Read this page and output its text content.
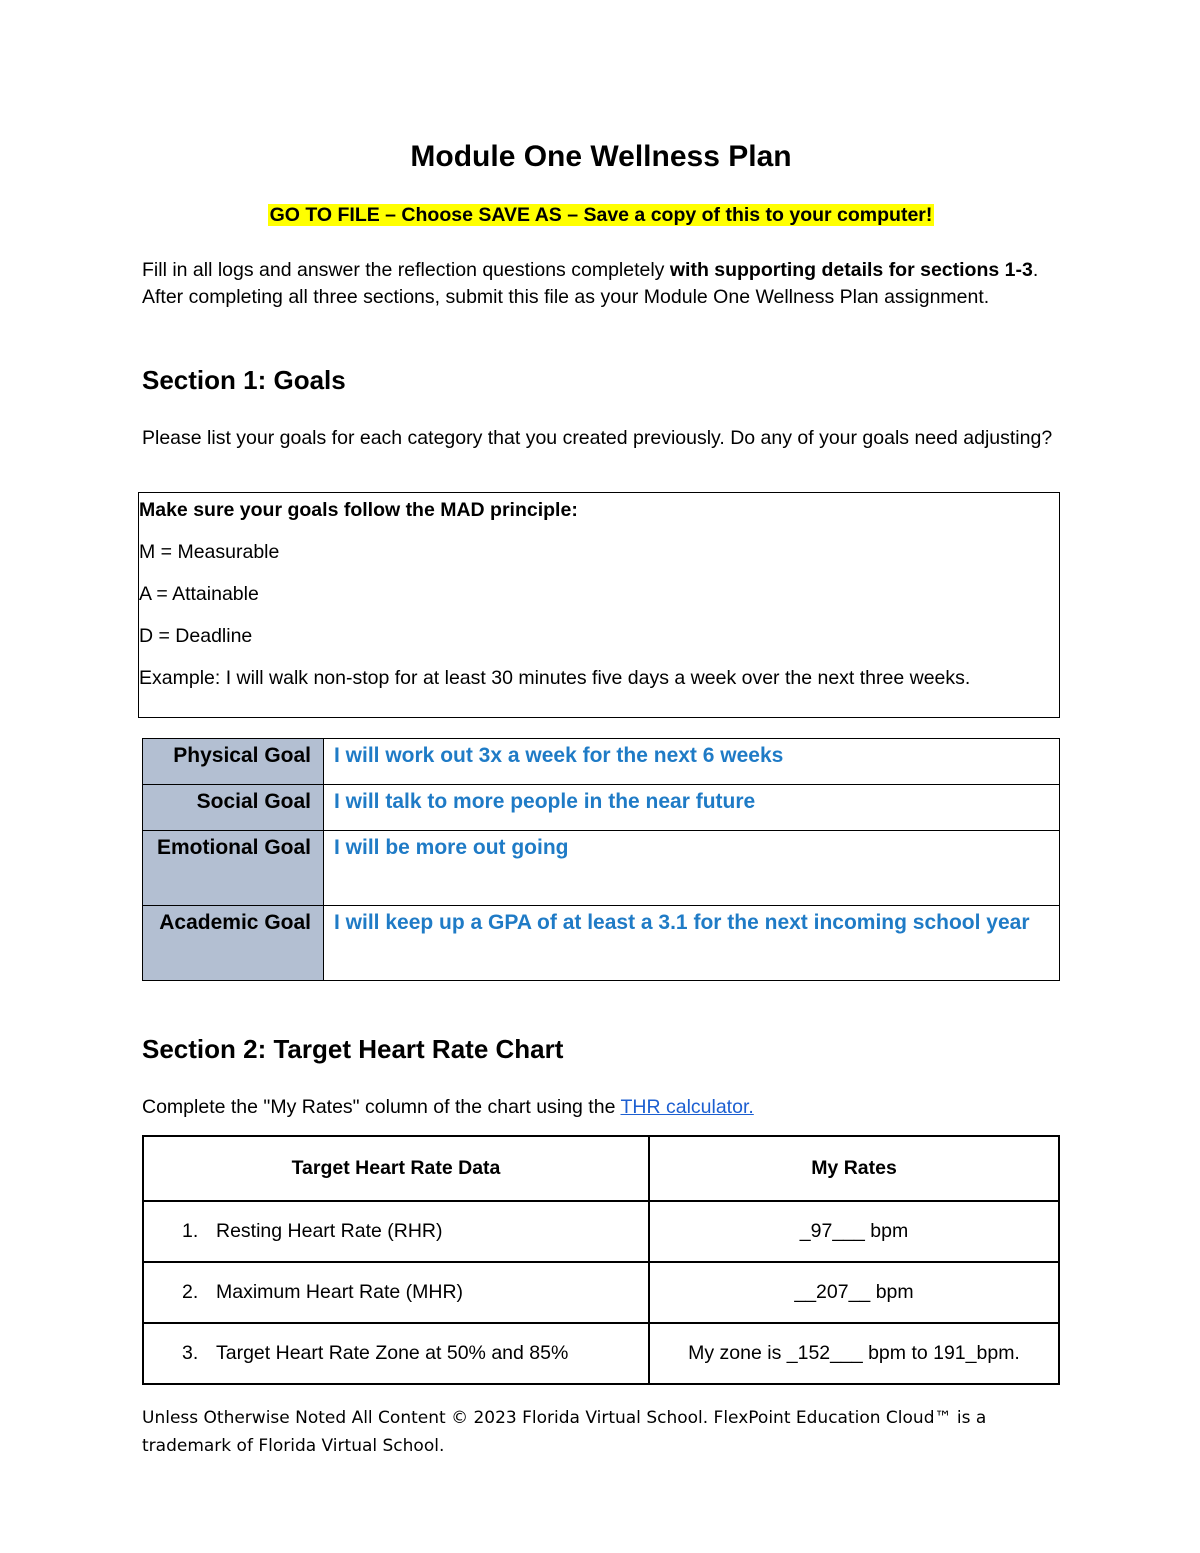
Module One Wellness Plan
GO TO FILE – Choose SAVE AS – Save a copy of this to your computer!

Fill in all logs and answer the reflection questions completely with supporting details for sections 1-3. After completing all three sections, submit this file as your Module One Wellness Plan assignment.

Section 1: Goals

Please list your goals for each category that you created previously. Do any of your goals need adjusting?

Make sure your goals follow the MAD principle:

M = Measurable

A = Attainable

D = Deadline

Example: I will walk non-stop for at least 30 minutes five days a week over the next three weeks.

Physical Goal	I will work out 3x a week for the next 6 weeks
Social Goal	I will talk to more people in the near future
Emotional Goal	I will be more out going
Academic Goal	I will keep up a GPA of at least a 3.1 for the next incoming school year
Section 2: Target Heart Rate Chart

Complete the "My Rates" column of the chart using the THR calculator.

Target Heart Rate Data	My Rates
1. Resting Heart Rate (RHR)	_97___ bpm
2. Maximum Heart Rate (MHR)	__207__ bpm
3. Target Heart Rate Zone at 50% and 85%	My zone is _152___ bpm to 191_bpm.

Unless Otherwise Noted All Content © 2023 Florida Virtual School. FlexPoint Education Cloud™ is a trademark of Florida Virtual School.
